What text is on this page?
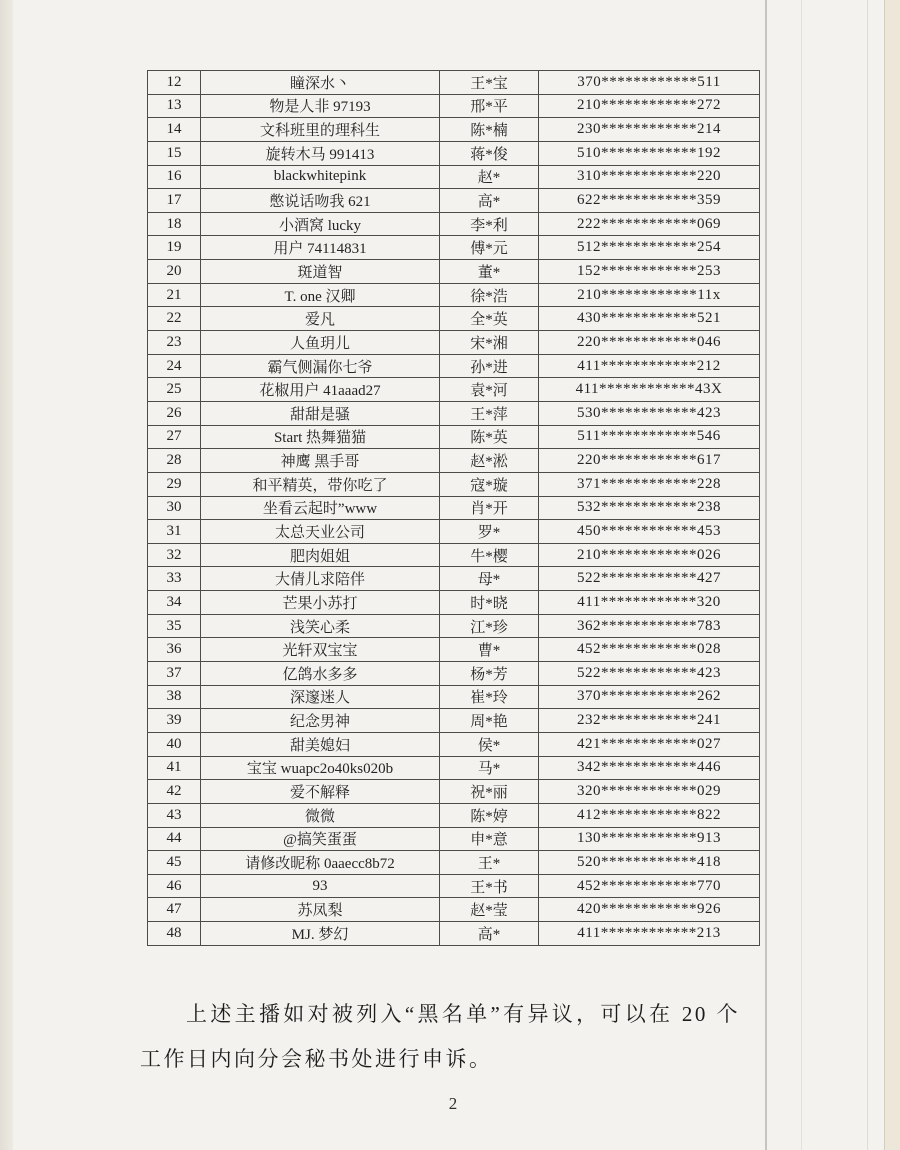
12	瞳深水丶	王*宝	370************511
13	物是人非 97193	邢*平	210************272
14	文科班里的理科生	陈*楠	230************214
15	旋转木马 991413	蒋*俊	510************192
16	blackwhitepink	赵*	310************220
17	憋说话吻我 621	高*	622************359
18	小酒窝 lucky	李*利	222************069
19	用户 74114831	傅*元	512************254
20	斑道智	董*	152************253
21	T. one 汉卿	徐*浩	210************11x
22	爱凡	全*英	430************521
23	人鱼玥儿	宋*湘	220************046
24	霸气侧漏你七爷	孙*进	411************212
25	花椒用户 41aaad27	袁*河	411************43X
26	甜甜是骚	王*萍	530************423
27	Start 热舞猫猫	陈*英	511************546
28	神鹰 黑手哥	赵*淞	220************617
29	和平精英，带你吃了	寇*璇	371************228
30	坐看云起时”www	肖*开	532************238
31	太总天业公司	罗*	450************453
32	肥肉姐姐	牛*樱	210************026
33	大倩儿求陪伴	母*	522************427
34	芒果小苏打	时*晓	411************320
35	浅笑心柔	江*珍	362************783
36	光轩双宝宝	曹*	452************028
37	亿鸽水多多	杨*芳	522************423
38	深邃迷人	崔*玲	370************262
39	纪念男神	周*艳	232************241
40	甜美媳妇	侯*	421************027
41	宝宝 wuapc2o40ks020b	马*	342************446
42	爱不解释	祝*丽	320************029
43	微微	陈*婷	412************822
44	@搞笑蛋蛋	申*意	130************913
45	请修改昵称 0aaecc8b72	王*	520************418
46	93	王*书	452************770
47	苏凤梨	赵*莹	420************926
48	MJ. 梦幻	高*	411************213

上述主播如对被列入“黑名单”有异议，可以在 20 个工作日内向分会秘书处进行申诉。

2
